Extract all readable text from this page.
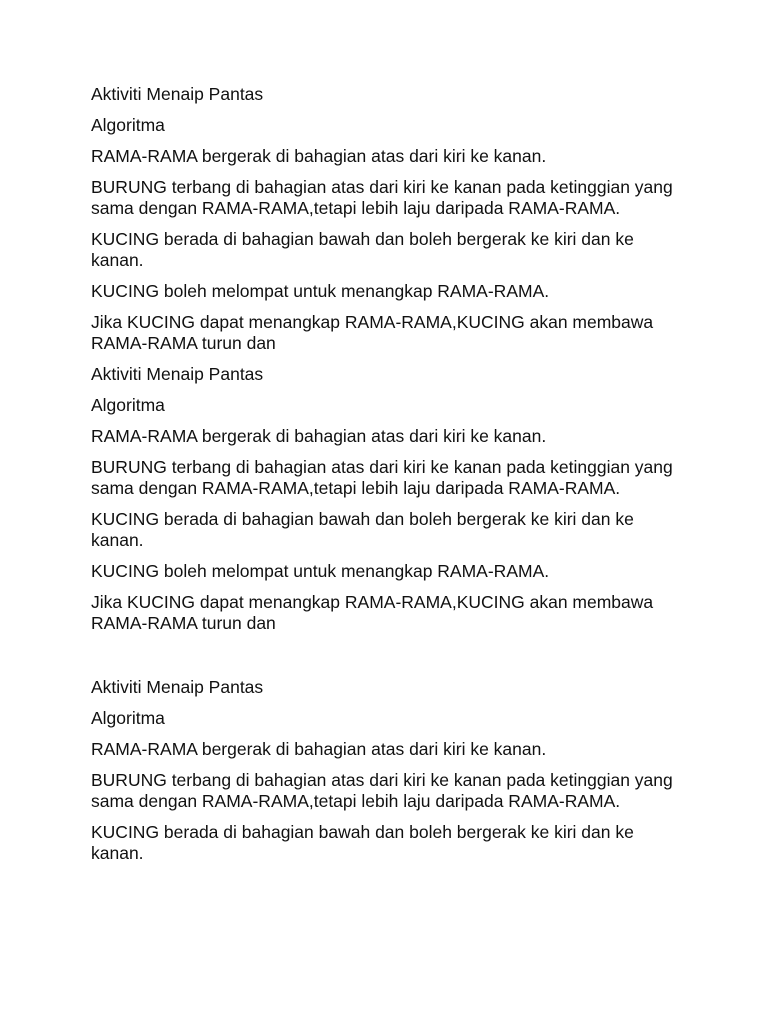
Aktiviti Menaip Pantas

Algoritma

RAMA-RAMA bergerak di bahagian atas dari kiri ke kanan.

BURUNG terbang di bahagian atas dari kiri ke kanan pada ketinggian yang sama dengan RAMA-RAMA,tetapi lebih laju daripada RAMA-RAMA.

KUCING berada di bahagian bawah dan boleh bergerak ke kiri dan ke kanan.

KUCING boleh melompat untuk menangkap RAMA-RAMA.

Jika KUCING dapat menangkap RAMA-RAMA,KUCING akan membawa RAMA-RAMA turun dan

Aktiviti Menaip Pantas

Algoritma

RAMA-RAMA bergerak di bahagian atas dari kiri ke kanan.

BURUNG terbang di bahagian atas dari kiri ke kanan pada ketinggian yang sama dengan RAMA-RAMA,tetapi lebih laju daripada RAMA-RAMA.

KUCING berada di bahagian bawah dan boleh bergerak ke kiri dan ke kanan.

KUCING boleh melompat untuk menangkap RAMA-RAMA.

Jika KUCING dapat menangkap RAMA-RAMA,KUCING akan membawa RAMA-RAMA turun dan

Aktiviti Menaip Pantas

Algoritma

RAMA-RAMA bergerak di bahagian atas dari kiri ke kanan.

BURUNG terbang di bahagian atas dari kiri ke kanan pada ketinggian yang sama dengan RAMA-RAMA,tetapi lebih laju daripada RAMA-RAMA.

KUCING berada di bahagian bawah dan boleh bergerak ke kiri dan ke kanan.
